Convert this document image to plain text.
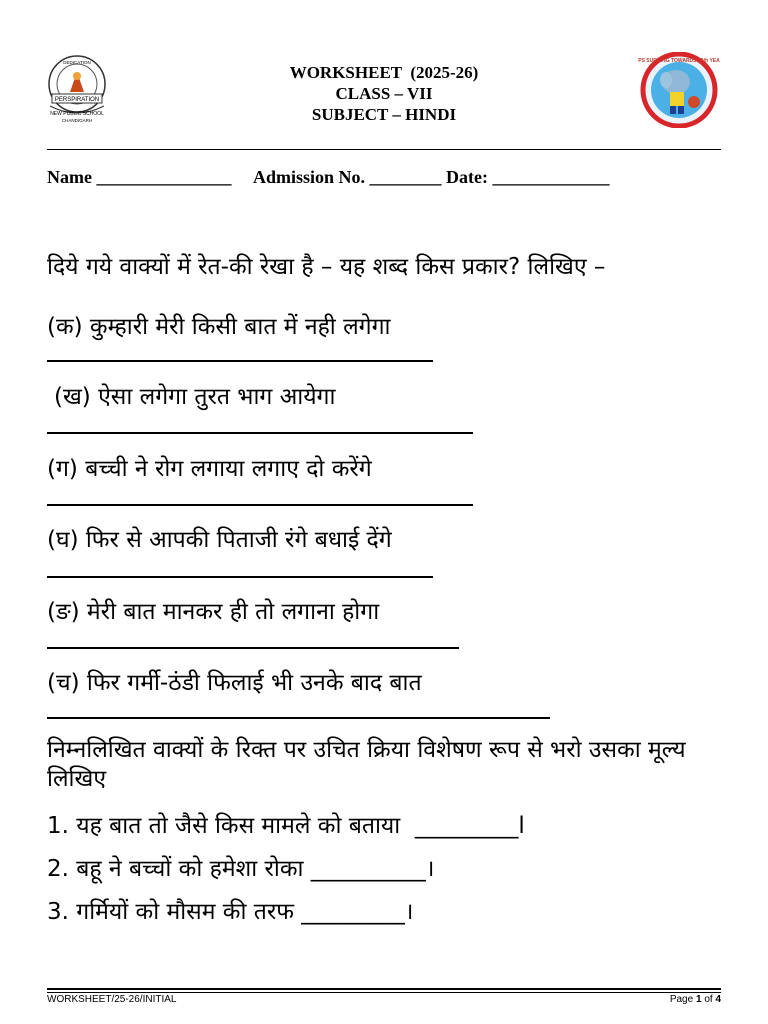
PERSPIRATION
NEW PUBLIC SCHOOL
CHANDIGARH
DEDICATION
WORKSHEET  (2025-26)
CLASS – VII
SUBJECT – HINDI
NPS SURGING TOWARDS 50th YEAR
Name _______________ Admission No. ________ Date: _____________
दिये गये वाक्यों में रेत-की रेखा है – यह शब्द किस प्रकार? लिखिए –
(क) कुम्हारी मेरी किसी बात में नही लगेगा
(ख) ऐसा लगेगा तुरत भाग आयेगा
(ग) बच्ची ने रोग लगाया लगाए दो करेंगे
(घ) फिर से आपकी पिताजी रंगे बधाई देंगे
(ङ) मेरी बात मानकर ही तो लगाना होगा
(च) फिर गर्मी-ठंडी फिलाई भी उनके बाद बात
निम्नलिखित वाक्यों के रिक्त पर उचित क्रिया विशेषण रूप से भरो उसका मूल्य लिखिए
1. यह बात तो जैसे किस मामले को बताया  _________l
2. बहू ने बच्चों को हमेशा रोका __________।
3. गर्मियों को मौसम की तरफ _________।
WORKSHEET/25-26/INITIAL	Page 1 of 4
